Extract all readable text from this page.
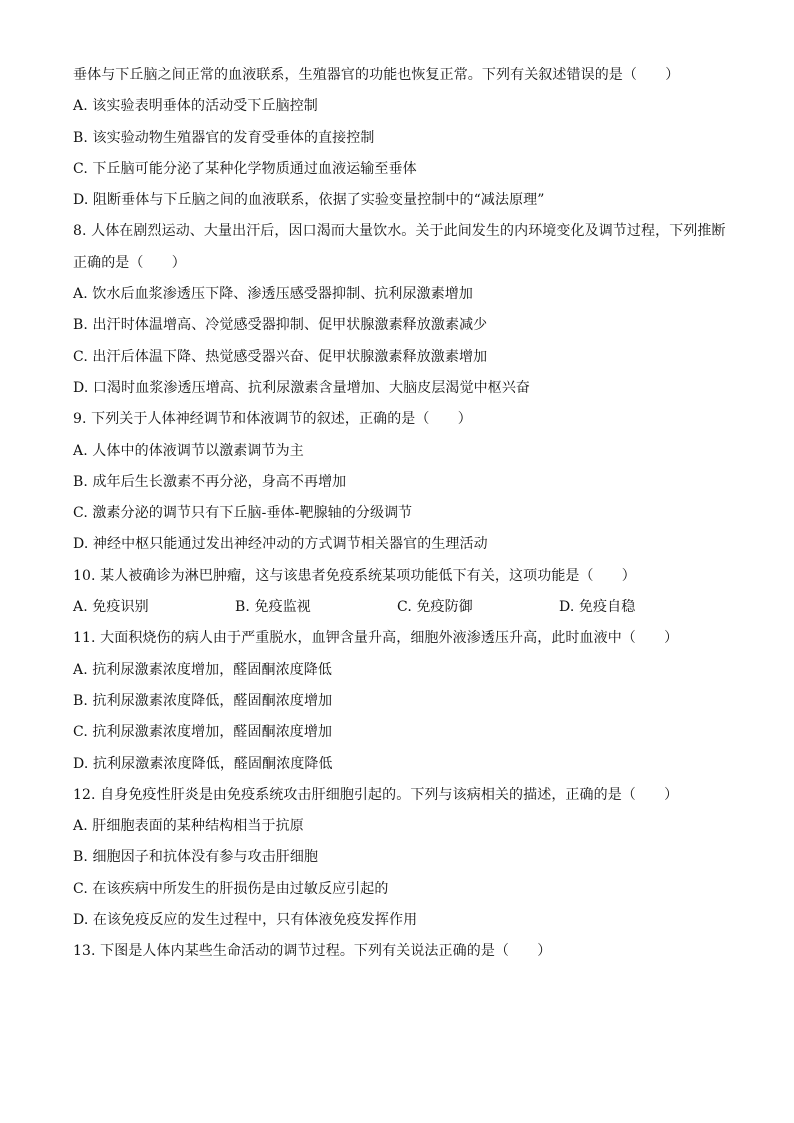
垂体与下丘脑之间正常的血液联系，生殖器官的功能也恢复正常。下列有关叙述错误的是（　　）
A. 该实验表明垂体的活动受下丘脑控制
B. 该实验动物生殖器官的发育受垂体的直接控制
C. 下丘脑可能分泌了某种化学物质通过血液运输至垂体
D. 阻断垂体与下丘脑之间的血液联系，依据了实验变量控制中的“减法原理”
8. 人体在剧烈运动、大量出汗后，因口渴而大量饮水。关于此间发生的内环境变化及调节过程，下列推断
正确的是（　　）
A. 饮水后血浆渗透压下降、渗透压感受器抑制、抗利尿激素增加
B. 出汗时体温增高、冷觉感受器抑制、促甲状腺激素释放激素减少
C. 出汗后体温下降、热觉感受器兴奋、促甲状腺激素释放激素增加
D. 口渴时血浆渗透压增高、抗利尿激素含量增加、大脑皮层渴觉中枢兴奋
9. 下列关于人体神经调节和体液调节的叙述，正确的是（　　）
A. 人体中的体液调节以激素调节为主
B. 成年后生长激素不再分泌，身高不再增加
C. 激素分泌的调节只有下丘脑-垂体-靶腺轴的分级调节
D. 神经中枢只能通过发出神经冲动的方式调节相关器官的生理活动
10. 某人被确诊为淋巴肿瘤，这与该患者免疫系统某项功能低下有关，这项功能是（　　）
A. 免疫识别	B. 免疫监视	C. 免疫防御	D. 免疫自稳
11. 大面积烧伤的病人由于严重脱水，血钾含量升高，细胞外液渗透压升高，此时血液中（　　）
A. 抗利尿激素浓度增加，醛固酮浓度降低
B. 抗利尿激素浓度降低，醛固酮浓度增加
C. 抗利尿激素浓度增加，醛固酮浓度增加
D. 抗利尿激素浓度降低，醛固酮浓度降低
12. 自身免疫性肝炎是由免疫系统攻击肝细胞引起的。下列与该病相关的描述，正确的是（　　）
A. 肝细胞表面的某种结构相当于抗原
B. 细胞因子和抗体没有参与攻击肝细胞
C. 在该疾病中所发生的肝损伤是由过敏反应引起的
D. 在该免疫反应的发生过程中，只有体液免疫发挥作用
13. 下图是人体内某些生命活动的调节过程。下列有关说法正确的是（　　）
